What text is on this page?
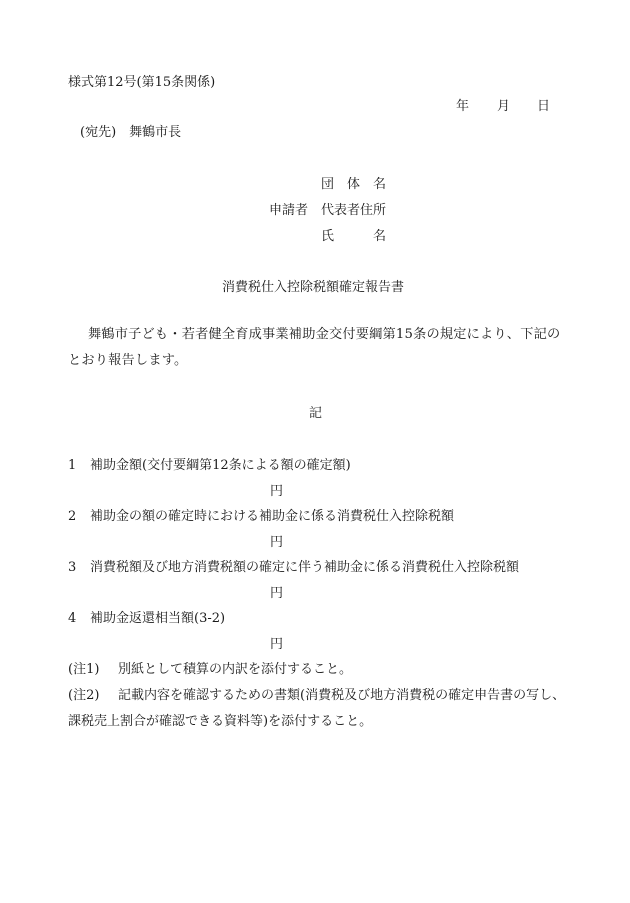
様式第12号(第15条関係)
年 月 日
(宛先)　舞鶴市長
団　体　名
申請者 代表者住所
氏　　　名
消費税仕入控除税額確定報告書
舞鶴市子ども・若者健全育成事業補助金交付要綱第15条の規定により、下記のとおり報告します。
記
1 補助金額(交付要綱第12条による額の確定額)
円
2 補助金の額の確定時における補助金に係る消費税仕入控除税額
円
3 消費税額及び地方消費税額の確定に伴う補助金に係る消費税仕入控除税額
円
4 補助金返還相当額(3-2)
円
(注1) 別紙として積算の内訳を添付すること。
(注2)	記載内容を確認するための書類(消費税及び地方消費税の確定申告書の写し、課税売上割合が確認できる資料等)を添付すること。
